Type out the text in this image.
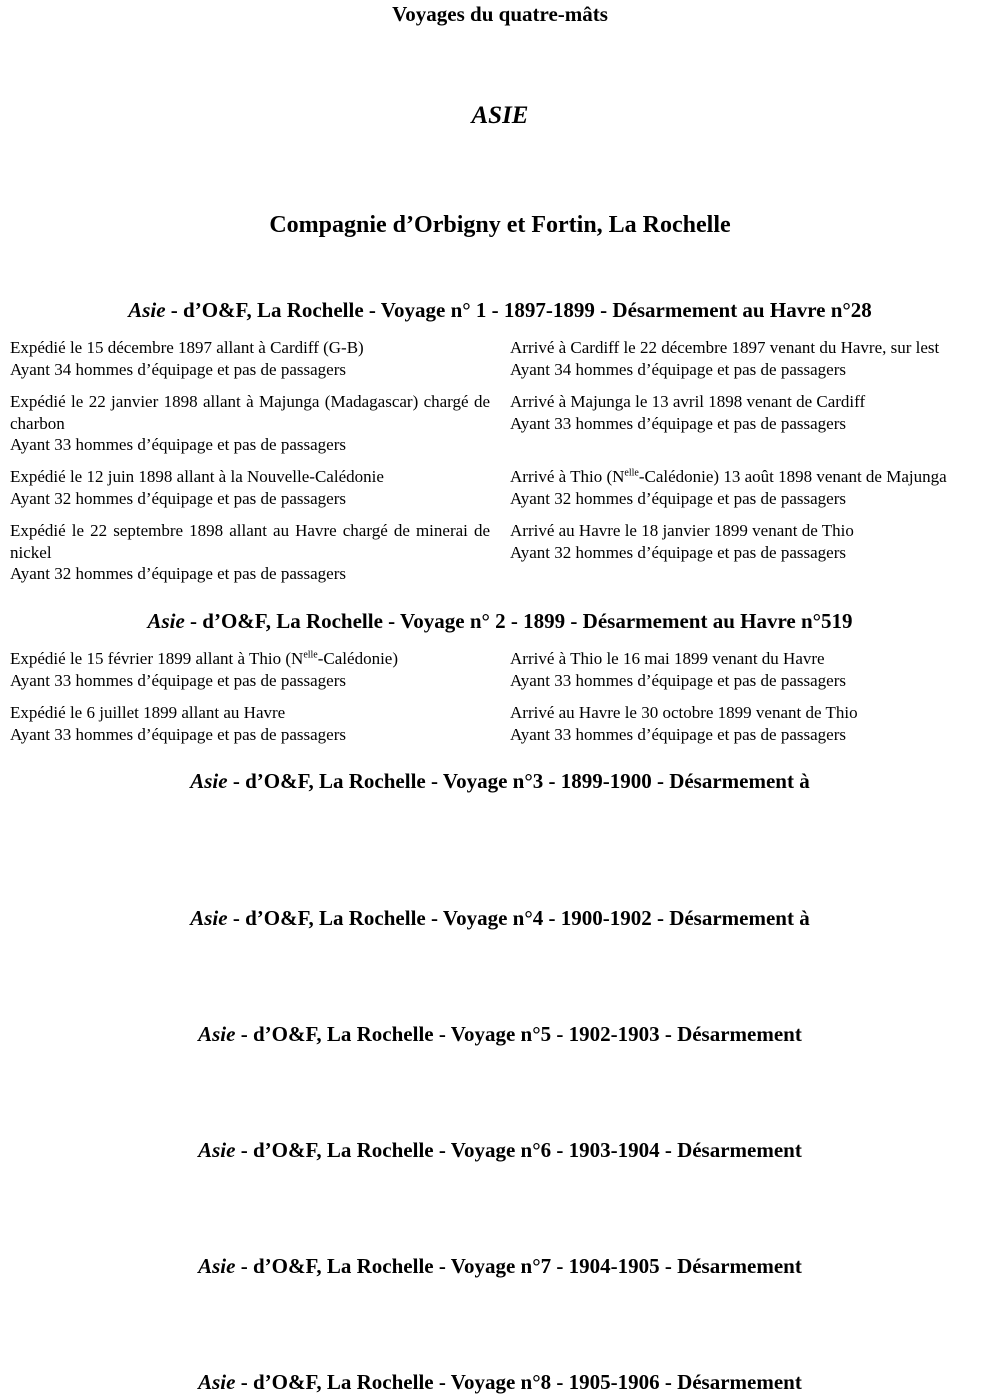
Voyages du quatre-mâts
ASIE
Compagnie d’Orbigny et Fortin, La Rochelle
Asie - d’O&F, La Rochelle - Voyage n° 1 - 1897-1899 - Désarmement au Havre n°28

Expédié le 15 décembre 1897 allant à Cardiff (G-B)

Ayant 34 hommes d’équipage et pas de passagers

Arrivé à Cardiff le 22 décembre 1897 venant du Havre, sur lest

Ayant 34 hommes d’équipage et pas de passagers

Expédié le 22 janvier 1898 allant à Majunga (Madagascar) chargé de charbon

Ayant 33 hommes d’équipage et pas de passagers

Arrivé à Majunga le 13 avril 1898 venant de Cardiff

Ayant 33 hommes d’équipage et pas de passagers

Expédié le 12 juin 1898 allant à la Nouvelle-Calédonie

Ayant 32 hommes d’équipage et pas de passagers

Arrivé à Thio $(N^{elle}-Calédonie)$ 13 août 1898 venant de Majunga

Ayant 32 hommes d’équipage et pas de passagers

Expédié le 22 septembre 1898 allant au Havre chargé de minerai de nickel

Ayant 32 hommes d’équipage et pas de passagers

Arrivé au Havre le 18 janvier 1899 venant de Thio

Ayant 32 hommes d’équipage et pas de passagers

Asie - d’O&F, La Rochelle - Voyage n° 2 - 1899 - Désarmement au Havre n°519

Expédié le 15 février 1899 allant à Thio $(N^{elle}-Calédonie)$

Ayant 33 hommes d’équipage et pas de passagers

Arrivé à Thio le 16 mai 1899 venant du Havre

Ayant 33 hommes d’équipage et pas de passagers

Expédié le 6 juillet 1899 allant au Havre

Ayant 33 hommes d’équipage et pas de passagers

Arrivé au Havre le 30 octobre 1899 venant de Thio

Ayant 33 hommes d’équipage et pas de passagers

Asie - d’O&F, La Rochelle - Voyage n°3 - 1899-1900 - Désarmement à
Asie - d’O&F, La Rochelle - Voyage n°4 - 1900-1902 - Désarmement à
Asie - d’O&F, La Rochelle - Voyage n°5 - 1902-1903 - Désarmement
Asie - d’O&F, La Rochelle - Voyage n°6 - 1903-1904 - Désarmement
Asie - d’O&F, La Rochelle - Voyage n°7 - 1904-1905 - Désarmement
Asie - d’O&F, La Rochelle - Voyage n°8 - 1905-1906 - Désarmement
